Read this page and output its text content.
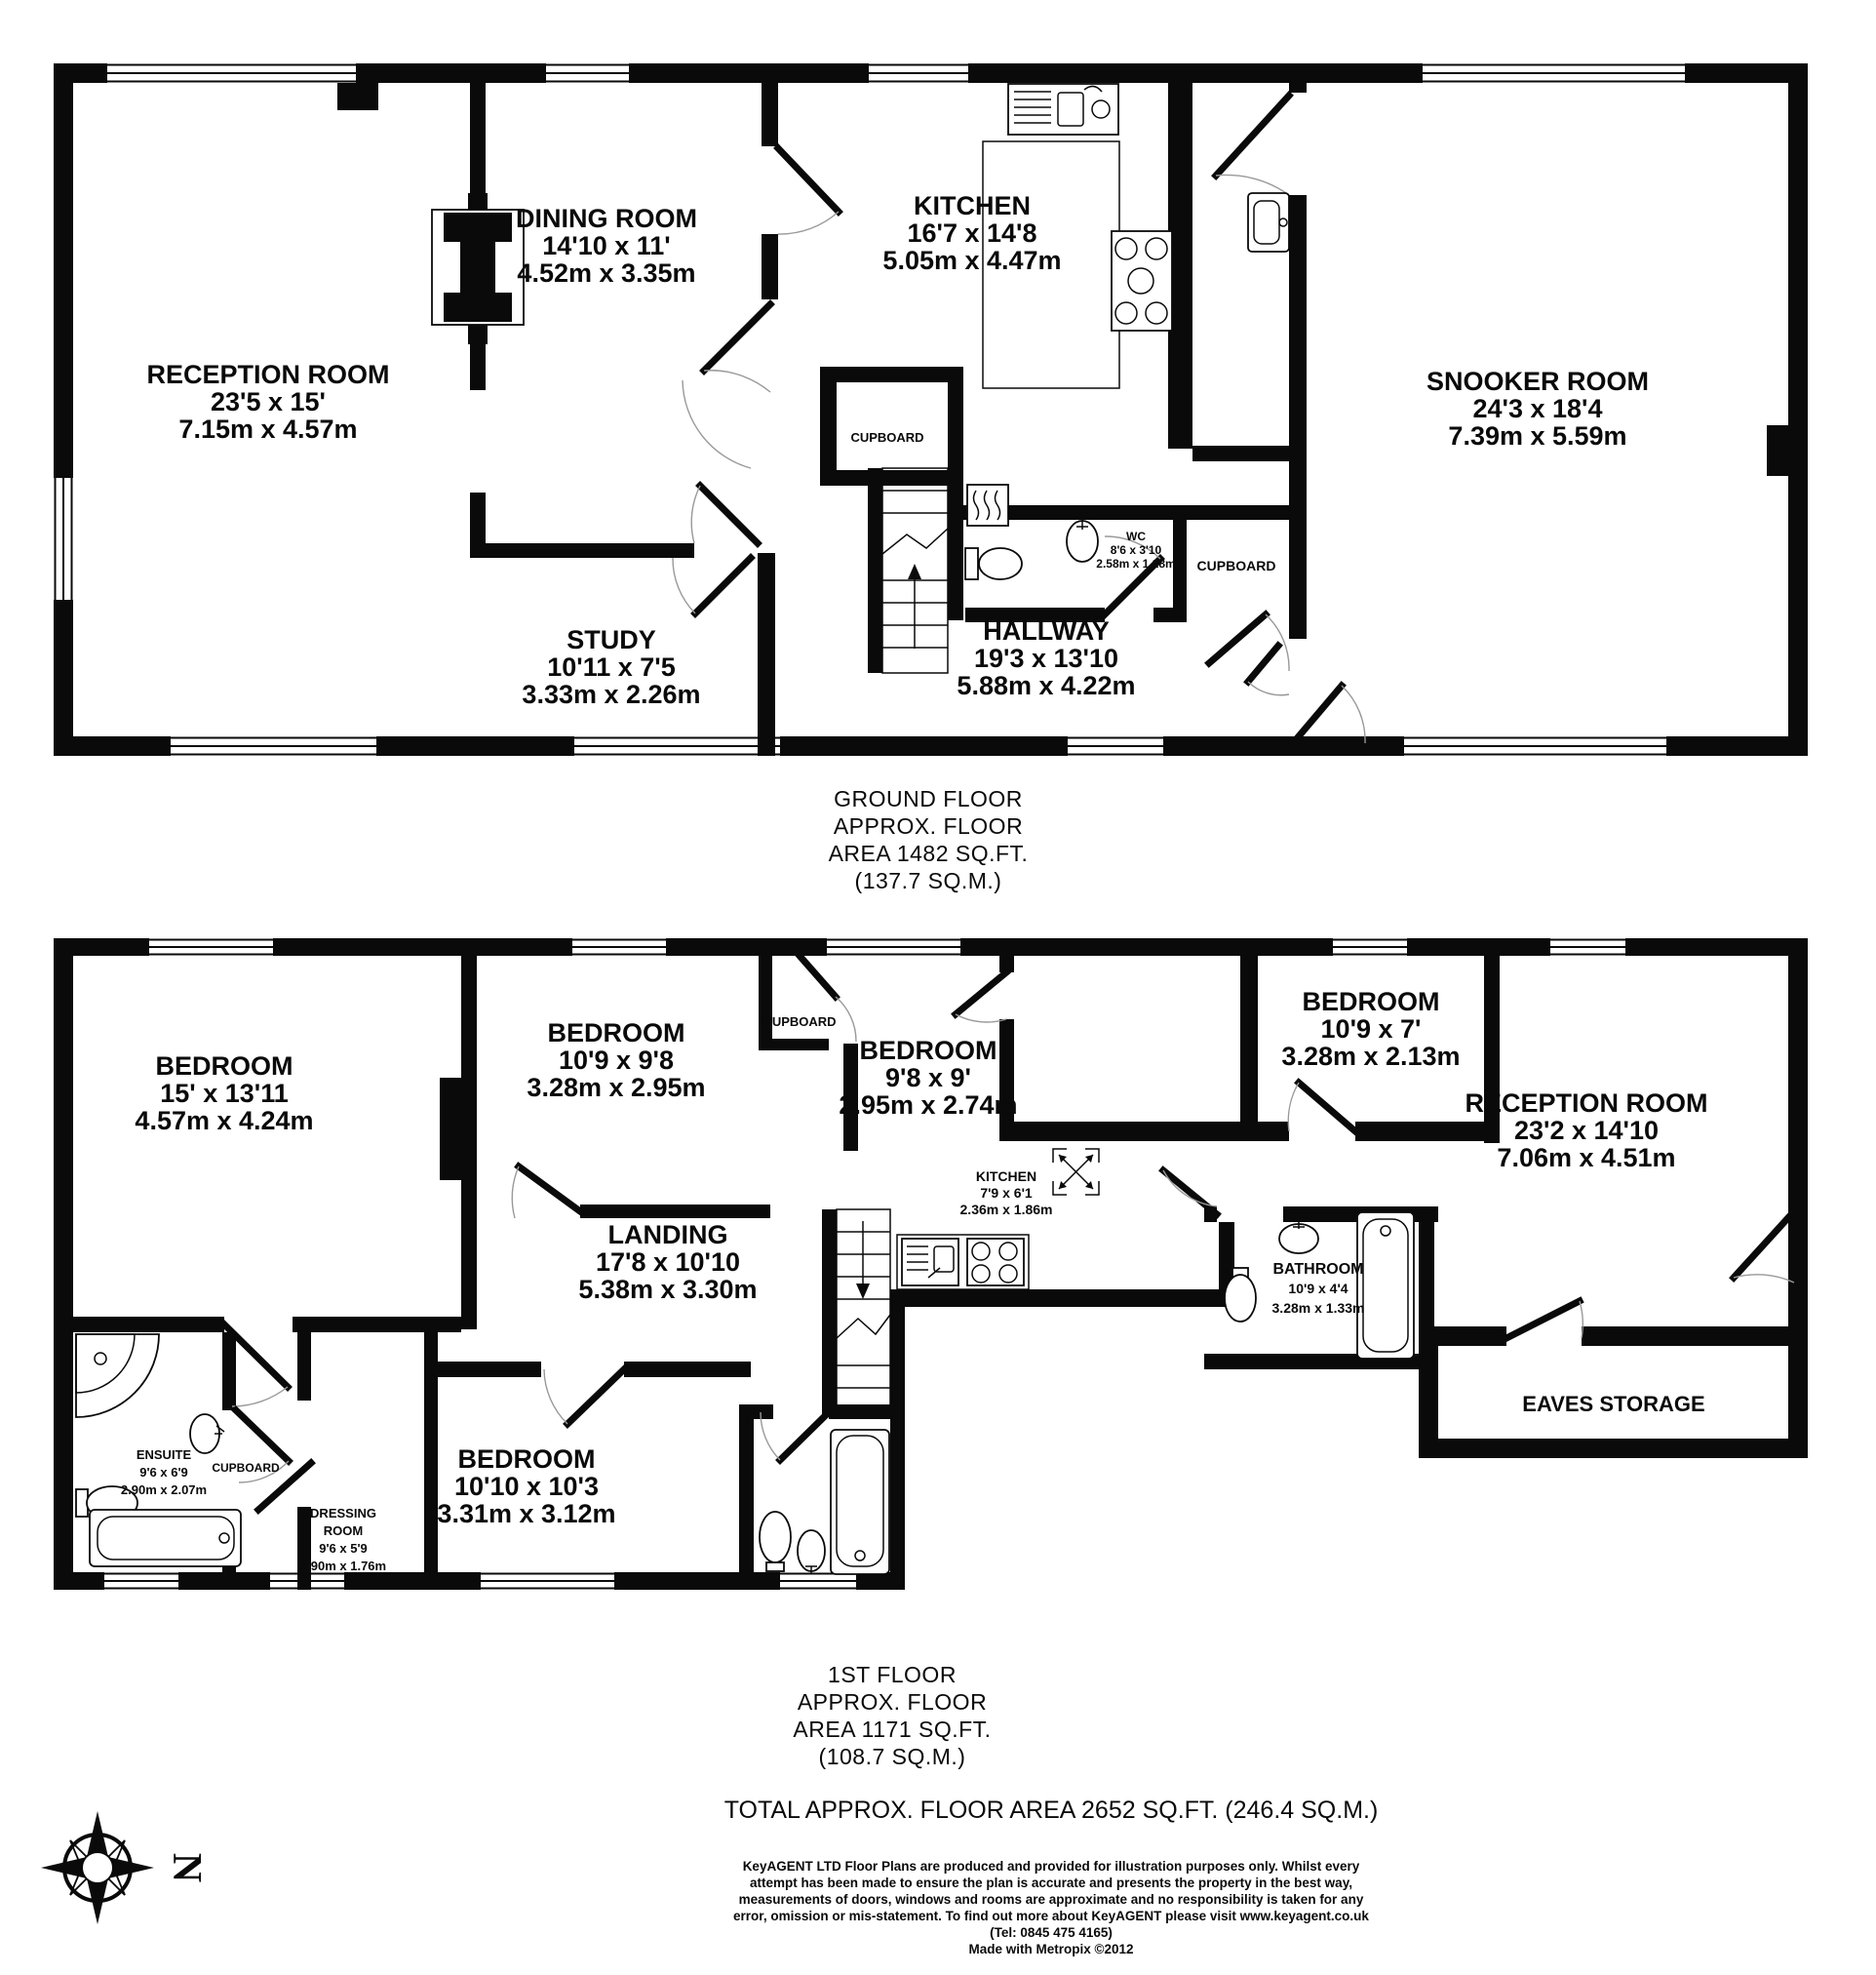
RECEPTION ROOM
23'5 x 15'
7.15m x 4.57m
DINING ROOM
14'10 x 11'
4.52m x 3.35m
KITCHEN
16'7 x 14'8
5.05m x 4.47m
SNOOKER ROOM
24'3 x 18'4
7.39m x 5.59m
STUDY
10'11 x 7'5
3.33m x 2.26m
HALLWAY
19'3 x 13'10
5.88m x 4.22m
WC
8'6 x 3'10
2.58m x 1.18m CUPBOARD
CUPBOARD
GROUND FLOOR
APPROX. FLOOR
AREA 1482 SQ.FT.
(137.7 SQ.M.)
BEDROOM
15' x 13'11
4.57m x 4.24m
BEDROOM
10'9 x 9'8
3.28m x 2.95m
CUPBOARD
BEDROOM
9'8 x 9'
2.95m x 2.74m
BEDROOM
10'9 x 7'
3.28m x 2.13m
RECEPTION ROOM
23'2 x 14'10
7.06m x 4.51m
KITCHEN
7'9 x 6'1
2.36m x 1.86m
LANDING
17'8 x 10'10
5.38m x 3.30m
BATHROOM
10'9 x 4'4
3.28m x 1.33m
EAVES STORAGE
ENSUITE
9'6 x 6'9
2.90m x 2.07m
CUPBOARD
DRESSING
ROOM
9'6 x 5'9
2.90m x 1.76m
BEDROOM
10'10 x 10'3
3.31m x 3.12m
1ST FLOOR
APPROX. FLOOR
AREA 1171 SQ.FT.
(108.7 SQ.M.)
TOTAL APPROX. FLOOR AREA 2652 SQ.FT. (246.4 SQ.M.)
KeyAGENT LTD Floor Plans are produced and provided for illustration purposes only. Whilst every
attempt has been made to ensure the plan is accurate and presents the property in the best way,
measurements of doors, windows and rooms are approximate and no responsibility is taken for any
error, omission or mis-statement. To find out more about KeyAGENT please visit www.keyagent.co.uk
(Tel: 0845 475 4165)
Made with Metropix ©2012
N
